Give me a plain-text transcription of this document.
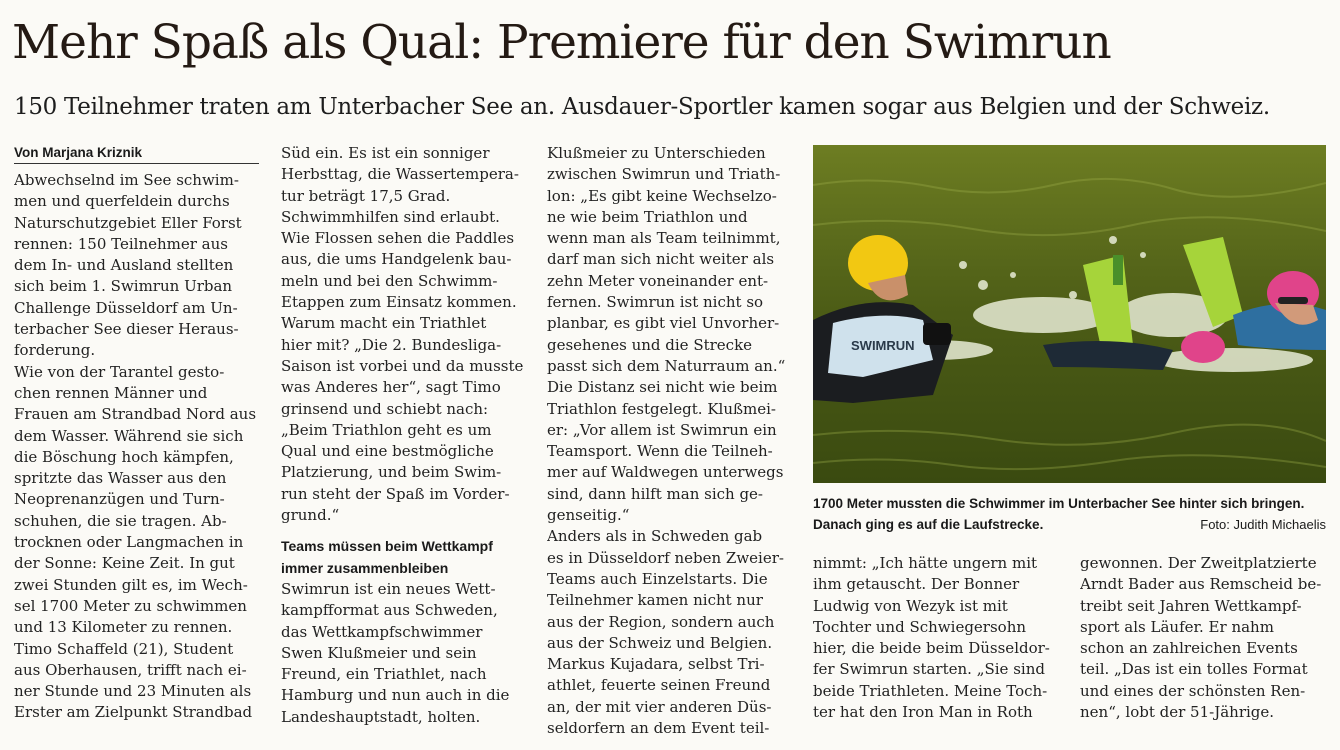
Mehr Spaß als Qual: Premiere für den Swimrun
150 Teilnehmer traten am Unterbacher See an. Ausdauer-Sportler kamen sogar aus Belgien und der Schweiz.
Von Marjana Kriznik
Abwechselnd im See schwim-
men und querfeldein durchs
Naturschutzgebiet Eller Forst
rennen: 150 Teilnehmer aus
dem In- und Ausland stellten
sich beim 1. Swimrun Urban
Challenge Düsseldorf am Un-
terbacher See dieser Heraus-
forderung.
Wie von der Tarantel gesto-
chen rennen Männer und
Frauen am Strandbad Nord aus
dem Wasser. Während sie sich
die Böschung hoch kämpfen,
spritzte das Wasser aus den
Neoprenanzügen und Turn-
schuhen, die sie tragen. Ab-
trocknen oder Langmachen in
der Sonne: Keine Zeit. In gut
zwei Stunden gilt es, im Wech-
sel 1700 Meter zu schwimmen
und 13 Kilometer zu rennen.
Timo Schaffeld (21), Student
aus Oberhausen, trifft nach ei-
ner Stunde und 23 Minuten als
Erster am Zielpunkt Strandbad
Süd ein. Es ist ein sonniger
Herbsttag, die Wassertempera-
tur beträgt 17,5 Grad.
Schwimmhilfen sind erlaubt.
Wie Flossen sehen die Paddles
aus, die ums Handgelenk bau-
meln und bei den Schwimm-
Etappen zum Einsatz kommen.
Warum macht ein Triathlet
hier mit? „Die 2. Bundesliga-
Saison ist vorbei und da musste
was Anderes her“, sagt Timo
grinsend und schiebt nach:
„Beim Triathlon geht es um
Qual und eine bestmögliche
Platzierung, und beim Swim-
run steht der Spaß im Vorder-
grund.“
Teams müssen beim Wettkampf
immer zusammenbleiben
Swimrun ist ein neues Wett-
kampfformat aus Schweden,
das Wettkampfschwimmer
Swen Klußmeier und sein
Freund, ein Triathlet, nach
Hamburg und nun auch in die
Landeshauptstadt, holten.
Klußmeier zu Unterschieden
zwischen Swimrun und Triath-
lon: „Es gibt keine Wechselzo-
ne wie beim Triathlon und
wenn man als Team teilnimmt,
darf man sich nicht weiter als
zehn Meter voneinander ent-
fernen. Swimrun ist nicht so
planbar, es gibt viel Unvorher-
gesehenes und die Strecke
passt sich dem Naturraum an.“
Die Distanz sei nicht wie beim
Triathlon festgelegt. Klußmei-
er: „Vor allem ist Swimrun ein
Teamsport. Wenn die Teilneh-
mer auf Waldwegen unterwegs
sind, dann hilft man sich ge-
genseitig.“
Anders als in Schweden gab
es in Düsseldorf neben Zweier-
Teams auch Einzelstarts. Die
Teilnehmer kamen nicht nur
aus der Region, sondern auch
aus der Schweiz und Belgien.
Markus Kujadara, selbst Tri-
athlet, feuerte seinen Freund
an, der mit vier anderen Düs-
seldorfern an dem Event teil-
SWIMRUN
1700 Meter mussten die Schwimmer im Unterbacher See hinter sich bringen.
Danach ging es auf die Laufstrecke.	Foto: Judith Michaelis
nimmt: „Ich hätte ungern mit
ihm getauscht. Der Bonner
Ludwig von Wezyk ist mit
Tochter und Schwiegersohn
hier, die beide beim Düsseldor-
fer Swimrun starten. „Sie sind
beide Triathleten. Meine Toch-
ter hat den Iron Man in Roth
gewonnen. Der Zweitplatzierte
Arndt Bader aus Remscheid be-
treibt seit Jahren Wettkampf-
sport als Läufer. Er nahm
schon an zahlreichen Events
teil. „Das ist ein tolles Format
und eines der schönsten Ren-
nen“, lobt der 51-Jährige.
